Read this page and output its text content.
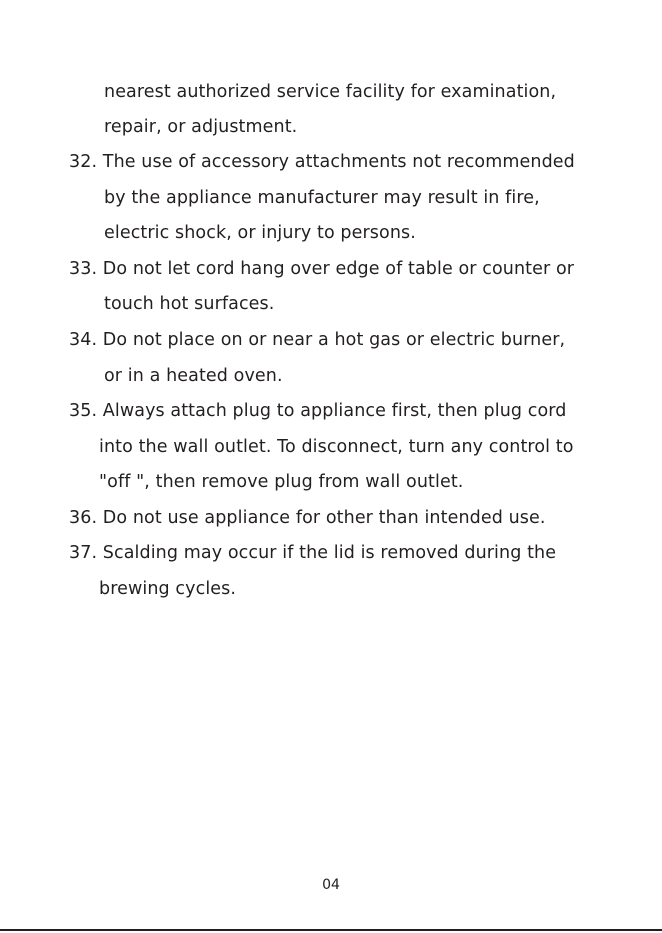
nearest authorized service facility for examination,
repair, or adjustment.
32. The use of accessory attachments not recommended
by the appliance manufacturer may result in fire,
electric shock, or injury to persons.
33. Do not let cord hang over edge of table or counter or
touch hot surfaces.
34. Do not place on or near a hot gas or electric burner,
or in a heated oven.
35. Always attach plug to appliance first, then plug cord
into the wall outlet. To disconnect, turn any control to
"off ", then remove plug from wall outlet.
36. Do not use appliance for other than intended use.
37. Scalding may occur if the lid is removed during the
brewing cycles.
04
